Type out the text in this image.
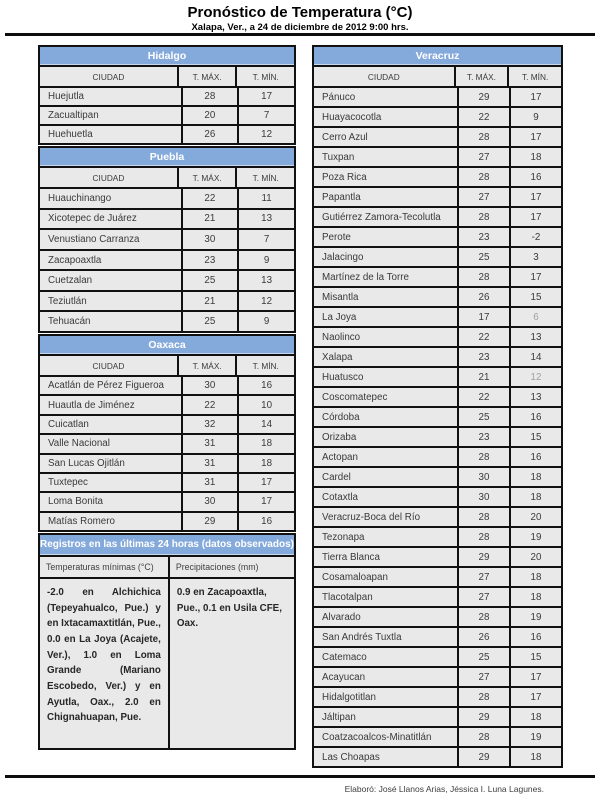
Pronóstico de Temperatura (°C)
Xalapa, Ver., a 24 de diciembre de 2012 9:00 hrs.
Hidalgo
CIUDAD	T. MÁX.	T. MÍN.
Huejutla	28	17
Zacualtipan	20	7
Huehuetla	26	12
Puebla
CIUDAD	T. MÁX.	T. MÍN.
Huauchinango	22	11
Xicotepec de Juárez	21	13
Venustiano Carranza	30	7
Zacapoaxtla	23	9
Cuetzalan	25	13
Teziutlán	21	12
Tehuacán	25	9
Oaxaca
CIUDAD	T. MÁX.	T. MÍN.
Acatlán de Pérez Figueroa	30	16
Huautla de Jiménez	22	10
Cuicatlan	32	14
Valle Nacional	31	18
San Lucas Ojitlán	31	18
Tuxtepec	31	17
Loma Bonita	30	17
Matías Romero	29	16
Registros en las últimas 24 horas (datos observados)
Temperaturas mínimas (°C)	Precipitaciones (mm)
-2.0 en Alchichica (Tepeyahualco, Pue.) y en Ixtacamaxtitlán, Pue., 0.0 en La Joya (Acajete, Ver.), 1.0 en Loma Grande (Mariano Escobedo, Ver.) y en Ayutla, Oax., 2.0 en Chignahuapan, Pue.
0.9 en Zacapoaxtla, Pue., 0.1 en Usila CFE, Oax.
Veracruz
CIUDAD	T. MÁX.	T. MÍN.
Pánuco	29	17
Huayacocotla	22	9
Cerro Azul	28	17
Tuxpan	27	18
Poza Rica	28	16
Papantla	27	17
Gutiérrez Zamora-Tecolutla	28	17
Perote	23	-2
Jalacingo	25	3
Martínez de la Torre	28	17
Misantla	26	15
La Joya	17	6
Naolinco	22	13
Xalapa	23	14
Huatusco	21	12
Coscomatepec	22	13
Córdoba	25	16
Orizaba	23	15
Actopan	28	16
Cardel	30	18
Cotaxtla	30	18
Veracruz-Boca del Río	28	20
Tezonapa	28	19
Tierra Blanca	29	20
Cosamaloapan	27	18
Tlacotalpan	27	18
Alvarado	28	19
San Andrés Tuxtla	26	16
Catemaco	25	15
Acayucan	27	17
Hidalgotitlan	28	17
Jáltipan	29	18
Coatzacoalcos-Minatitlán	28	19
Las Choapas	29	18
Elaboró: José Llanos Arias, Jéssica I. Luna Lagunes.
